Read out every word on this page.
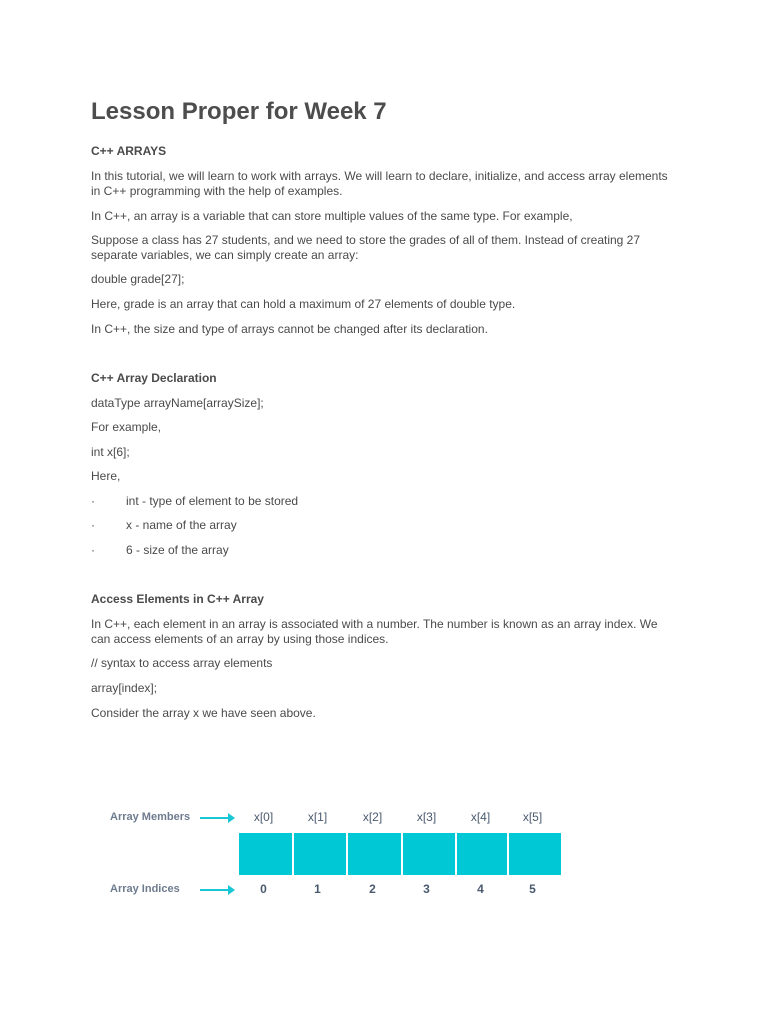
Lesson Proper for Week 7
C++ ARRAYS

In this tutorial, we will learn to work with arrays. We will learn to declare, initialize, and access array elements in C++ programming with the help of examples.

In C++, an array is a variable that can store multiple values of the same type. For example,

Suppose a class has 27 students, and we need to store the grades of all of them. Instead of creating 27 separate variables, we can simply create an array:

double grade[27];

Here, grade is an array that can hold a maximum of 27 elements of double type.

In C++, the size and type of arrays cannot be changed after its declaration.

C++ Array Declaration

dataType arrayName[arraySize];

For example,

int x[6];

Here,

·	int - type of element to be stored
·	x - name of the array
·	6 - size of the array
Access Elements in C++ Array

In C++, each element in an array is associated with a number. The number is known as an array index. We can access elements of an array by using those indices.

// syntax to access array elements

array[index];

Consider the array x we have seen above.

Array Members	x[0]	x[1]	x[2]	x[3]	x[4]	x[5]
Array Indices	0	1	2	3	4	5
